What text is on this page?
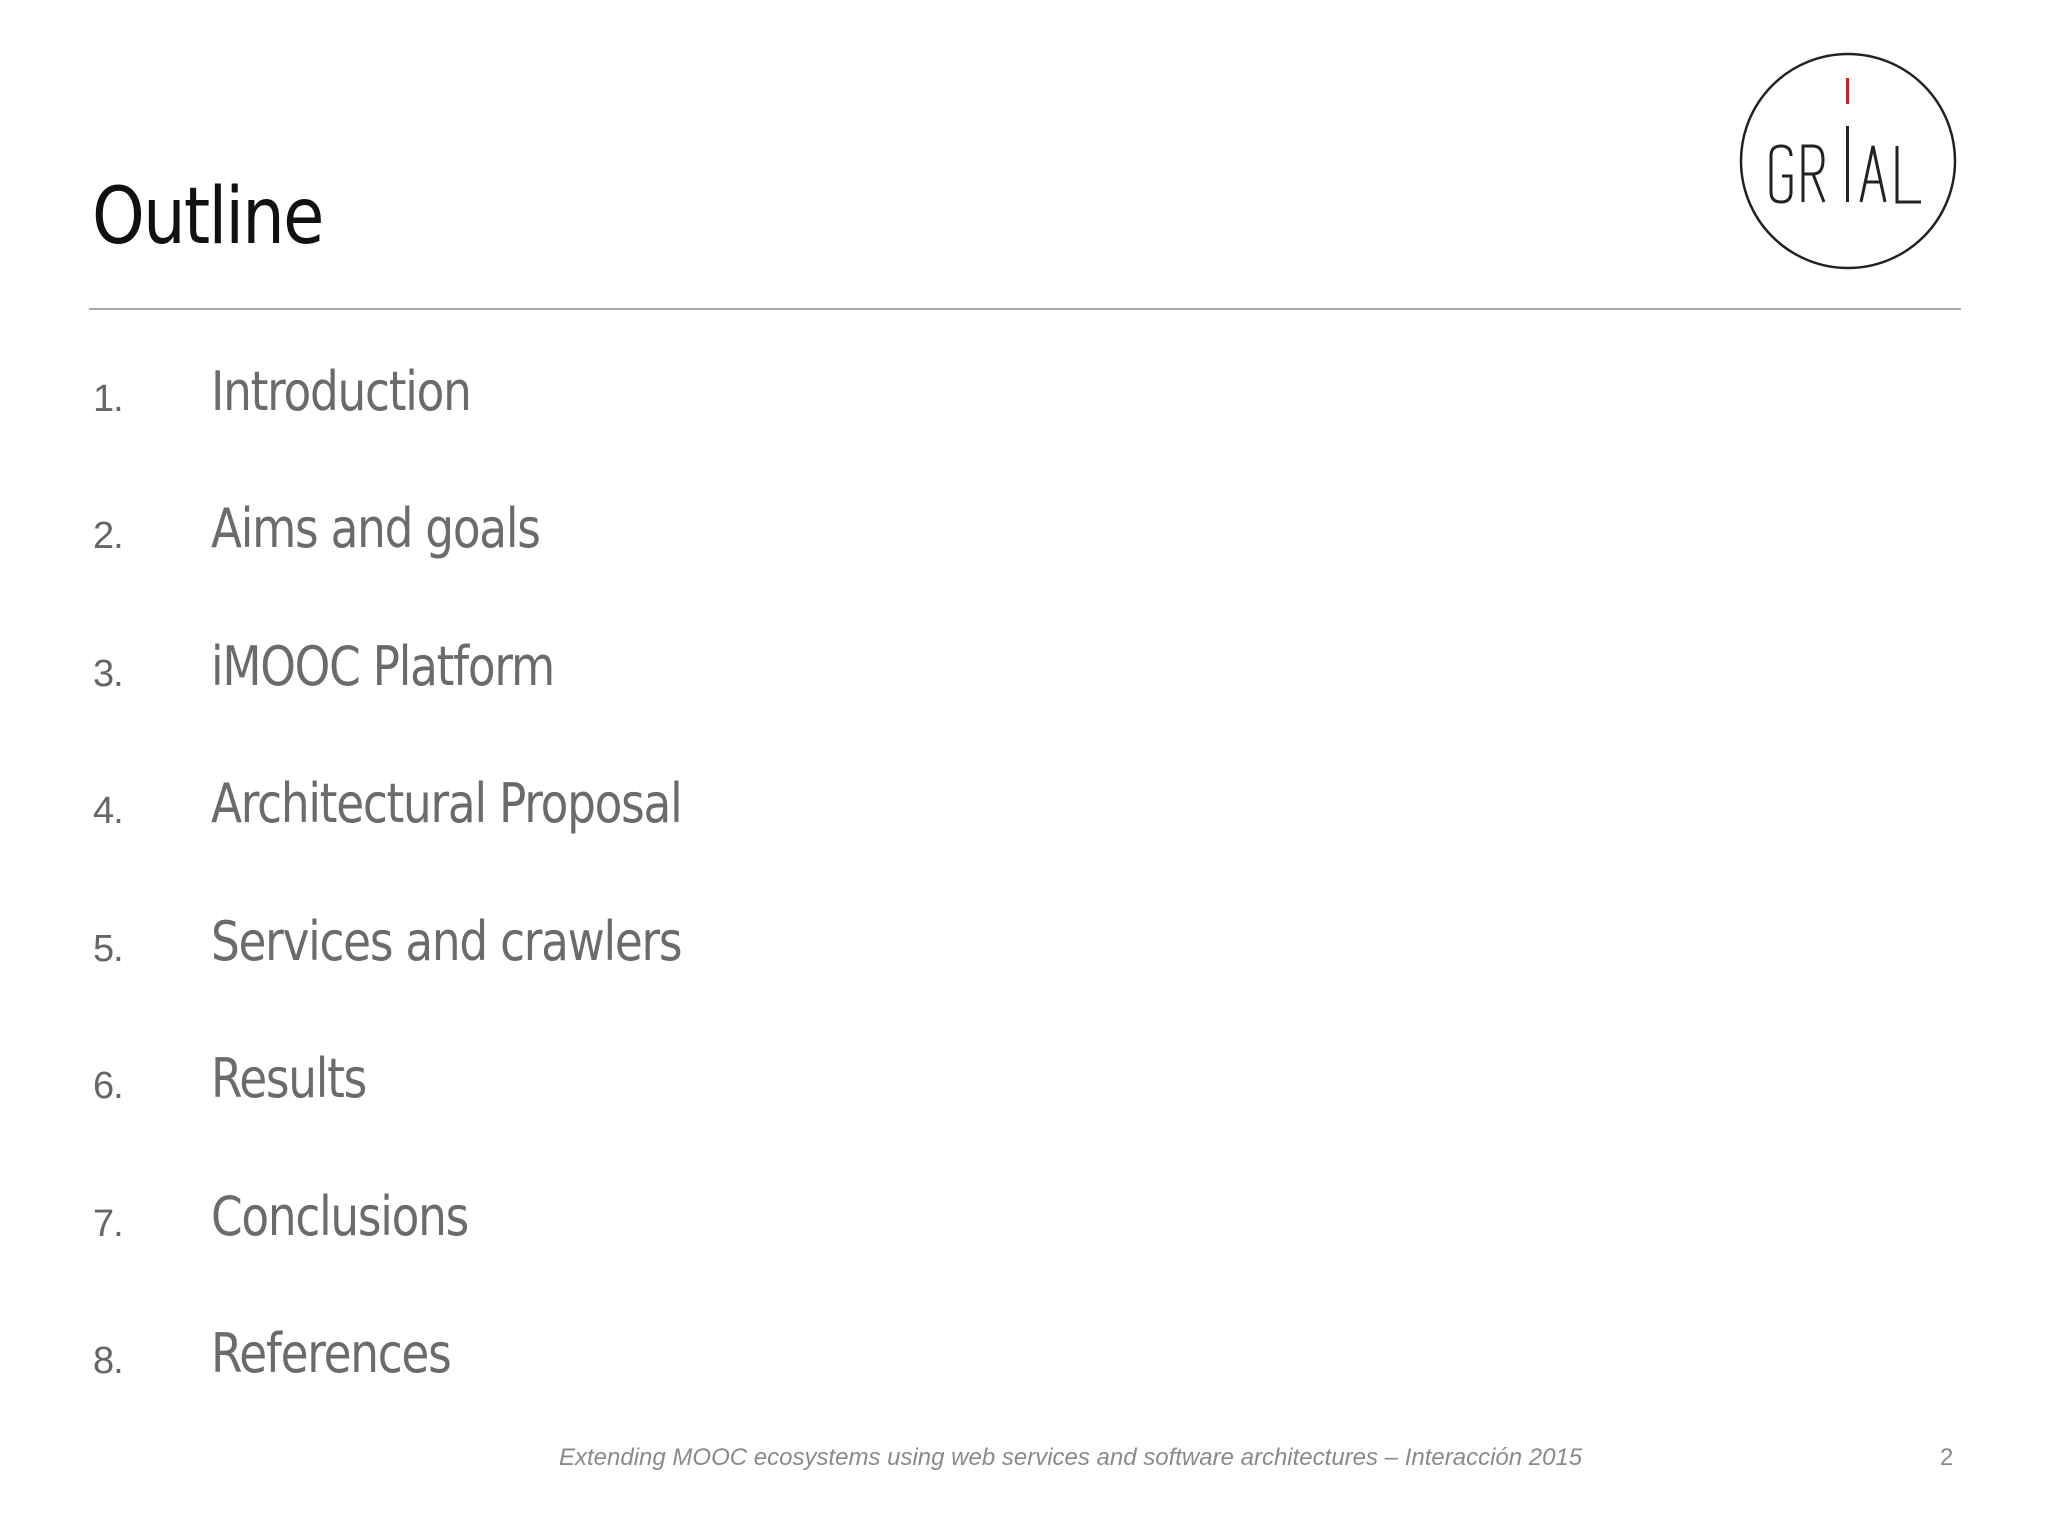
Outline
1. Introduction
2. Aims and goals
3. iMOOC Platform
4. Architectural Proposal
5. Services and crawlers
6. Results
7. Conclusions
8. References
Extending MOOC ecosystems using web services and software architectures – Interacción 2015	2
